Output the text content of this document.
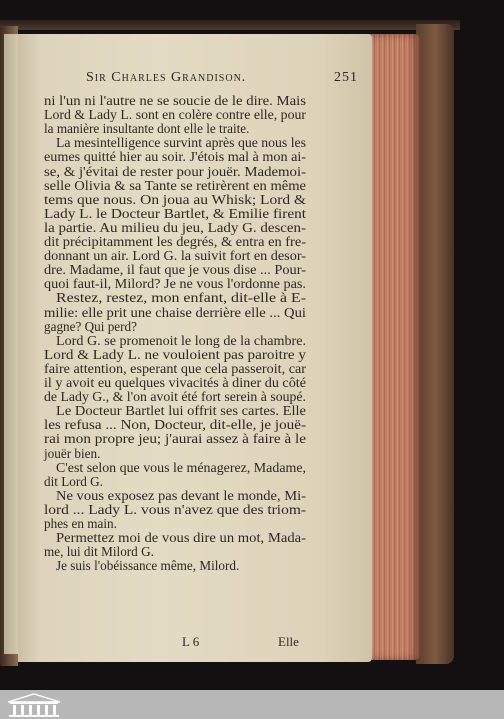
Sir Charles Grandison.	251
L 6	Elle
ni l'un ni l'autre ne se soucie de le dire. Mais
Lord & Lady L. sont en colère contre elle, pour
la manière insultante dont elle le traite.
La mesintelligence survint après que nous les
eumes quitté hier au soir. J'étois mal à mon ai-
se, & j'évitai de rester pour jouër. Mademoi-
selle Olivia & sa Tante se retirèrent en même
tems que nous. On joua au Whisk; Lord &
Lady L. le Docteur Bartlet, & Emilie firent
la partie. Au milieu du jeu, Lady G. descen-
dit précipitamment les degrés, & entra en fre-
donnant un air. Lord G. la suivit fort en desor-
dre. Madame, il faut que je vous dise ... Pour-
quoi faut-il, Milord? Je ne vous l'ordonne pas.
Restez, restez, mon enfant, dit-elle à E-
milie: elle prit une chaise derrière elle ... Qui
gagne? Qui perd?
Lord G. se promenoit le long de la chambre.
Lord & Lady L. ne vouloient pas paroitre y
faire attention, esperant que cela passeroit, car
il y avoit eu quelques vivacités à diner du côté
de Lady G., & l'on avoit été fort serein à soupé.
Le Docteur Bartlet lui offrit ses cartes. Elle
les refusa ... Non, Docteur, dit-elle, je jouë-
rai mon propre jeu; j'aurai assez à faire à le
jouër bien.
C'est selon que vous le ménagerez, Madame,
dit Lord G.
Ne vous exposez pas devant le monde, Mi-
lord ... Lady L. vous n'avez que des triom-
phes en main.
Permettez moi de vous dire un mot, Mada-
me, lui dit Milord G.
Je suis l'obéissance même, Milord.
